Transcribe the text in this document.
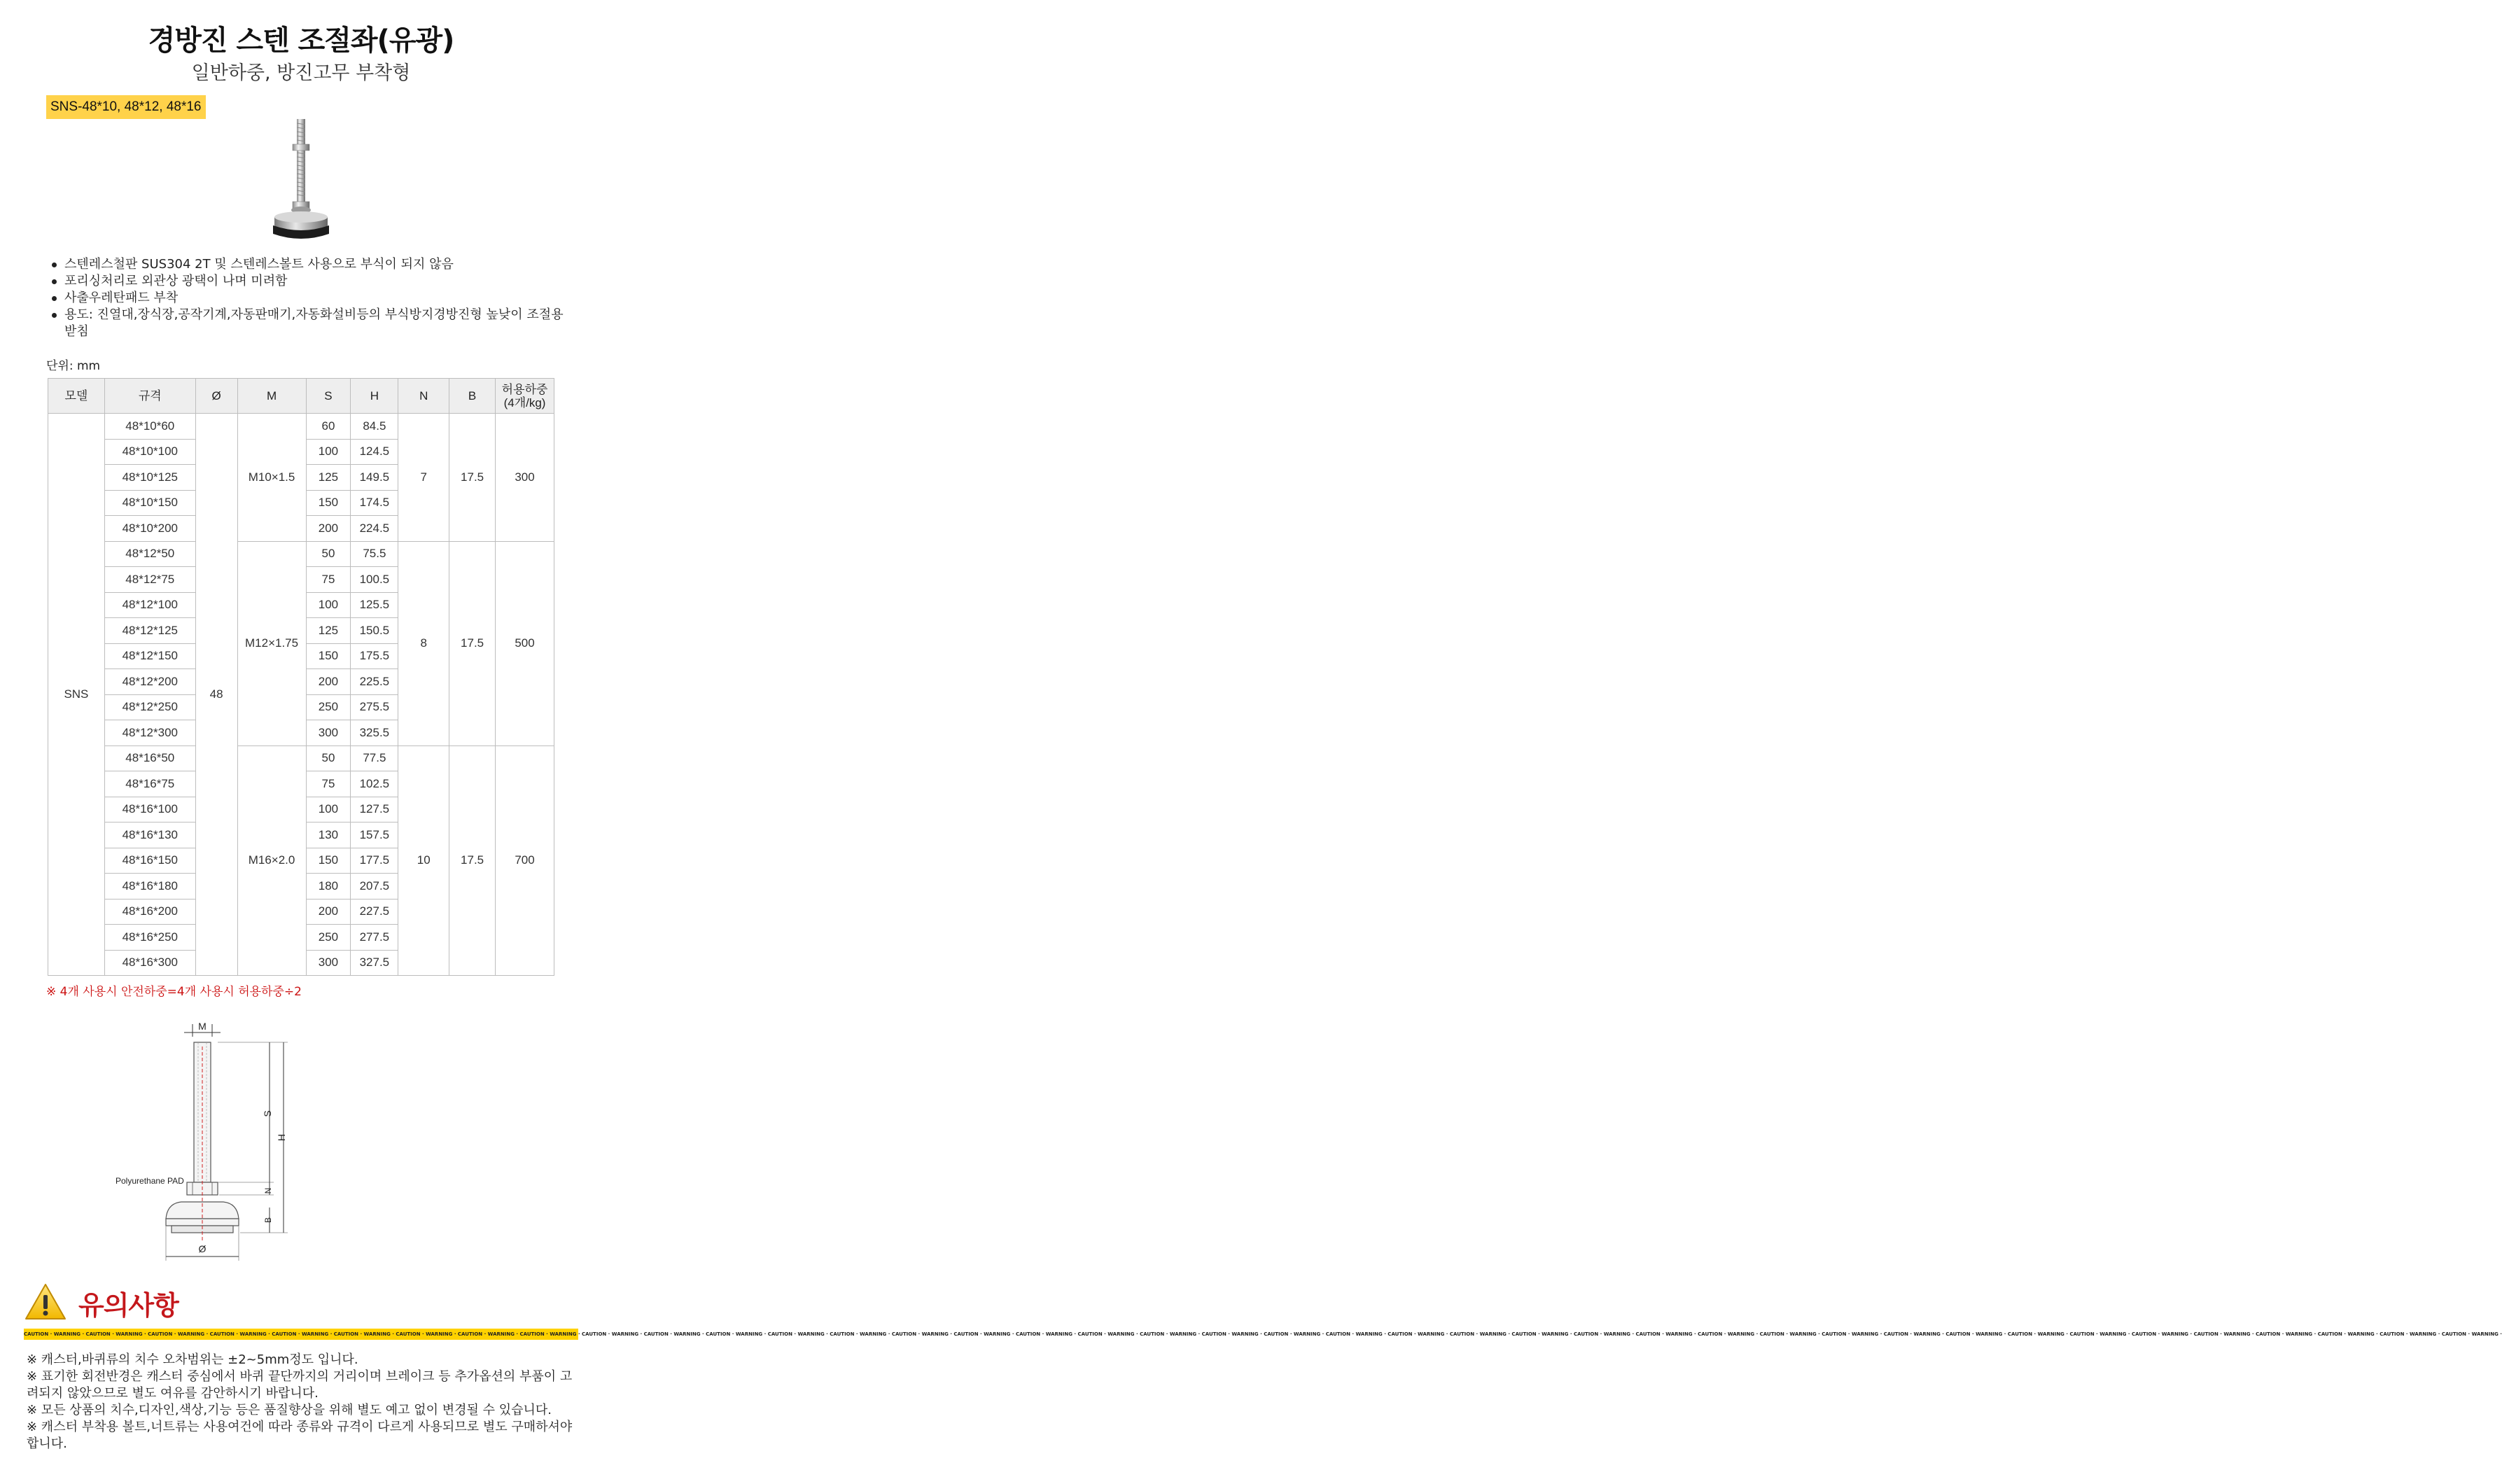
경방진 스텐 조절좌(유광)
일반하중, 방진고무 부착형
SNS-48*10, 48*12, 48*16
스텐레스철판 SUS304 2T 및 스텐레스볼트 사용으로 부식이 되지 않음
포리싱처리로 외관상 광택이 나며 미려함
사출우레탄패드 부착
용도: 진열대,장식장,공작기계,자동판매기,자동화설비등의 부식방지경방진형 높낮이 조절용 받침
단위: mm
모델	규격	Ø	M	S	H	N	B	허용하중
(4개/kg)
SNS	48*10*60	48	M10×1.5	60	84.5	7	17.5	300
	48*10*100			100	124.5			
	48*10*125			125	149.5			
	48*10*150			150	174.5			
	48*10*200			200	224.5			
	48*12*50		M12×1.75	50	75.5	8	17.5	500
	48*12*75			75	100.5			
	48*12*100			100	125.5			
	48*12*125			125	150.5			
	48*12*150			150	175.5			
	48*12*200			200	225.5			
	48*12*250			250	275.5			
	48*12*300			300	325.5			
	48*16*50		M16×2.0	50	77.5	10	17.5	700
	48*16*75			75	102.5			
	48*16*100			100	127.5			
	48*16*130			130	157.5			
	48*16*150			150	177.5			
	48*16*180			180	207.5			
	48*16*200			200	227.5			
	48*16*250			250	277.5			
	48*16*300			300	327.5			
※ 4개 사용시 안전하중=4개 사용시 허용하중÷2
M
Polyurethane PAD
S
N
B
H
Ø
유의사항
CAUTION · WARNING · CAUTION · WARNING · CAUTION · WARNING · CAUTION · WARNING · CAUTION · WARNING · CAUTION · WARNING · CAUTION · WARNING · CAUTION · WARNING · CAUTION · WARNING · CAUTION · WARNING · CAUTION · WARNING · CAUTION · WARNING · CAUTION · WARNING · CAUTION · WARNING · CAUTION · WARNING · CAUTION · WARNING · CAUTION · WARNING · CAUTION · WARNING · CAUTION · WARNING · CAUTION · WARNING · CAUTION · WARNING · CAUTION · WARNING · CAUTION · WARNING · CAUTION · WARNING · CAUTION · WARNING · CAUTION · WARNING · CAUTION · WARNING · CAUTION · WARNING · CAUTION · WARNING · CAUTION · WARNING · CAUTION · WARNING · CAUTION · WARNING · CAUTION · WARNING · CAUTION · WARNING · CAUTION · WARNING · CAUTION · WARNING · CAUTION · WARNING · CAUTION · WARNING · CAUTION · WARNING · CAUTION · WARNING ·

※ 캐스터,바퀴류의 치수 오차범위는 ±2~5mm정도 입니다.

※ 표기한 회전반경은 캐스터 중심에서 바퀴 끝단까지의 거리이며 브레이크 등 추가옵션의 부품이 고려되지 않았으므로 별도 여유를 감안하시기 바랍니다.

※ 모든 상품의 치수,디자인,색상,기능 등은 품질향상을 위해 별도 예고 없이 변경될 수 있습니다.

※ 캐스터 부착용 볼트,너트류는 사용여건에 따라 종류와 규격이 다르게 사용되므로 별도 구매하셔야 합니다.
